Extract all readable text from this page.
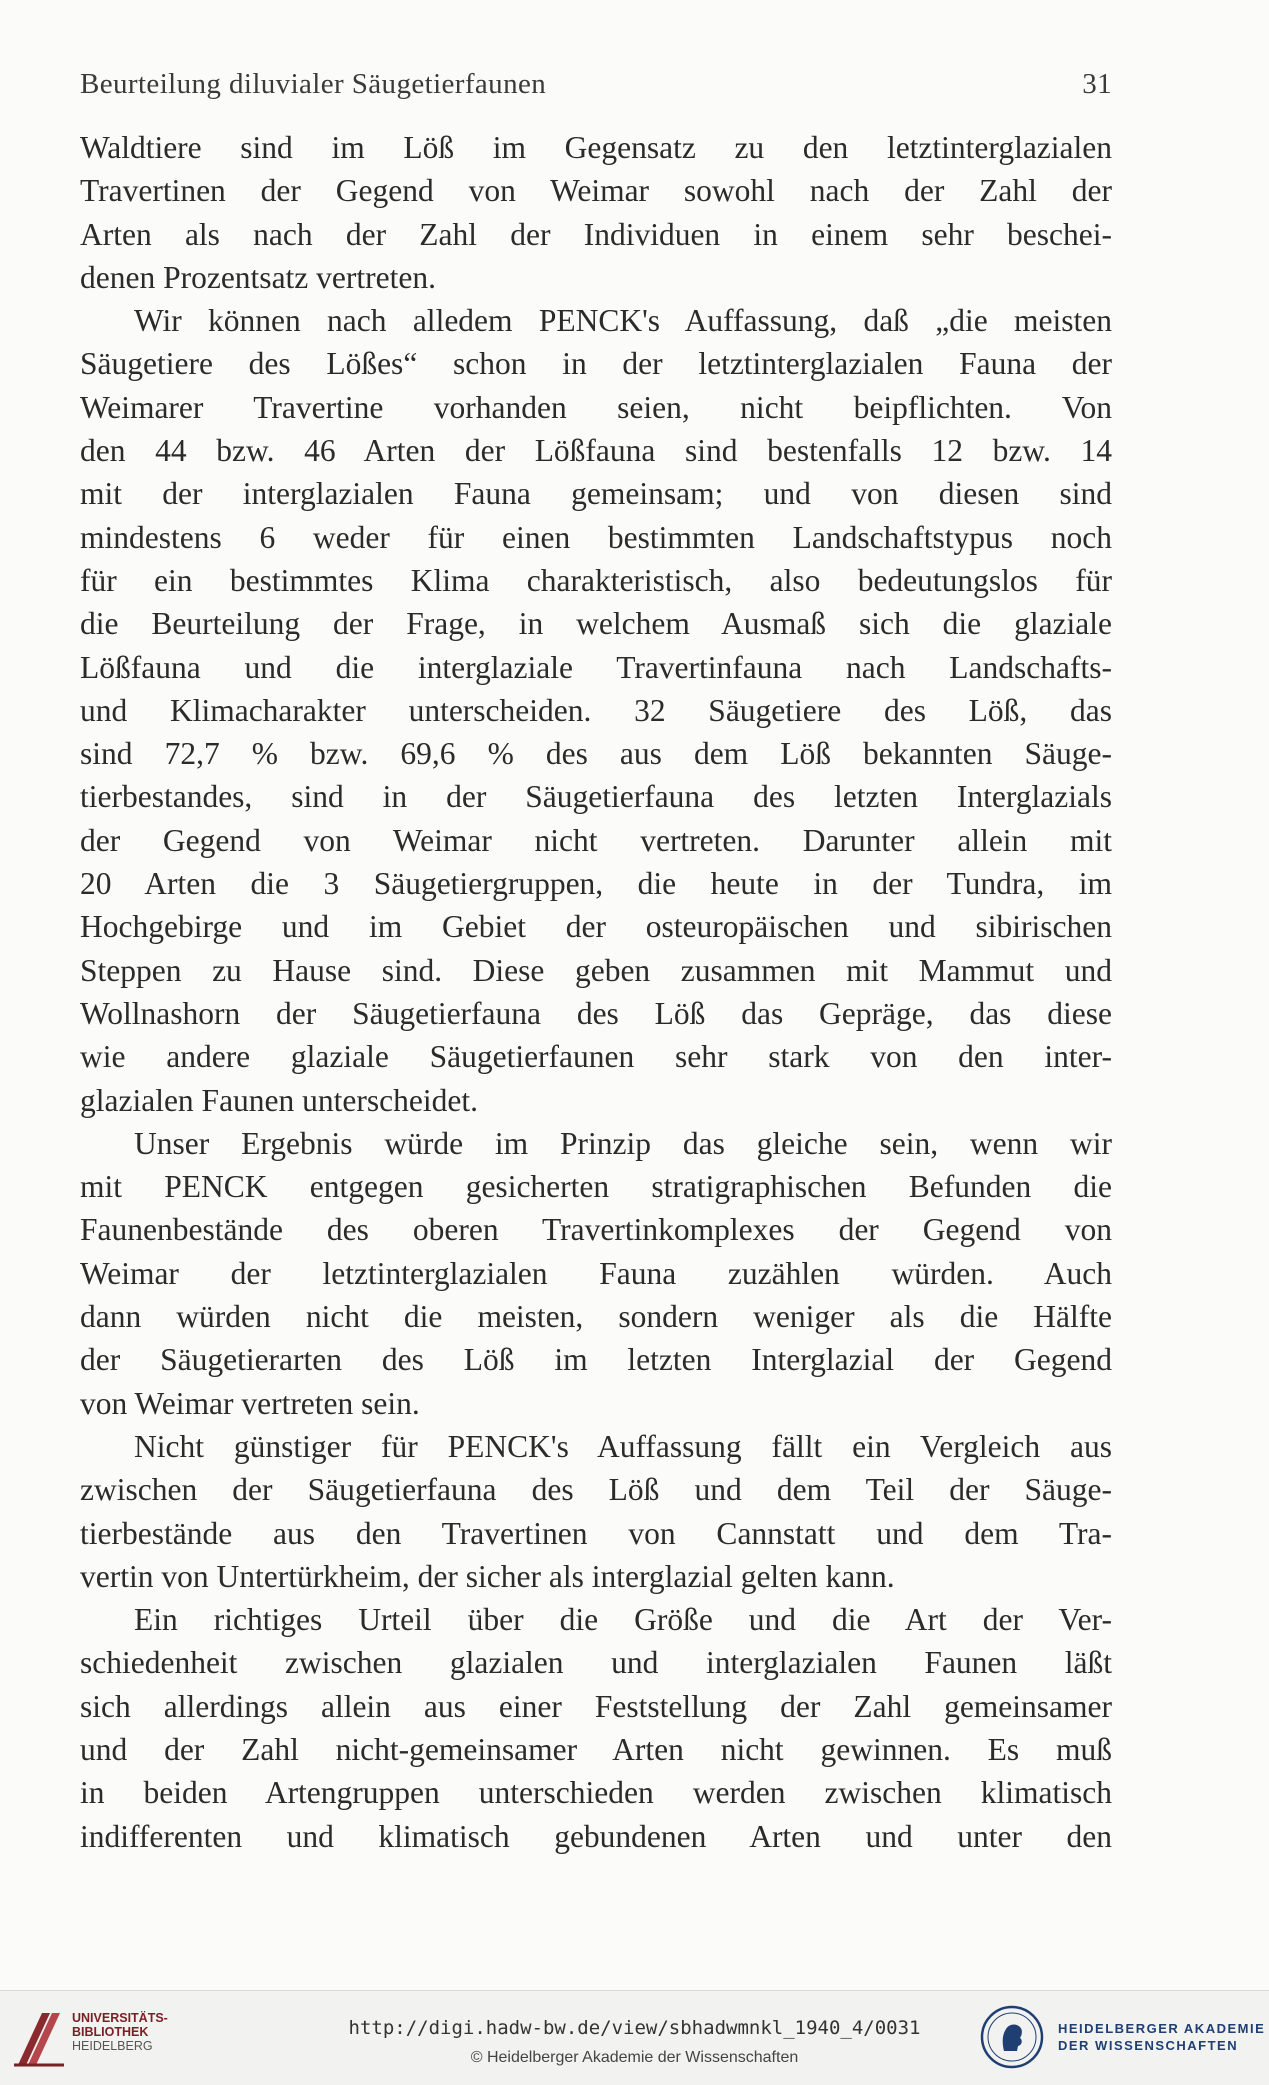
Beurteilung diluvialer Säugetierfaunen	31
Waldtiere sind im Löß im Gegensatz zu den letztinterglazialen
Travertinen der Gegend von Weimar sowohl nach der Zahl der
Arten als nach der Zahl der Individuen in einem sehr beschei-
denen Prozentsatz vertreten.
Wir können nach alledem PENCK's Auffassung, daß „die meisten
Säugetiere des Lößes“ schon in der letztinterglazialen Fauna der
Weimarer Travertine vorhanden seien, nicht beipflichten. Von
den 44 bzw. 46 Arten der Lößfauna sind bestenfalls 12 bzw. 14
mit der interglazialen Fauna gemeinsam; und von diesen sind
mindestens 6 weder für einen bestimmten Landschaftstypus noch
für ein bestimmtes Klima charakteristisch, also bedeutungslos für
die Beurteilung der Frage, in welchem Ausmaß sich die glaziale
Lößfauna und die interglaziale Travertinfauna nach Landschafts-
und Klimacharakter unterscheiden. 32 Säugetiere des Löß, das
sind 72,7 % bzw. 69,6 % des aus dem Löß bekannten Säuge-
tierbestandes, sind in der Säugetierfauna des letzten Interglazials
der Gegend von Weimar nicht vertreten. Darunter allein mit
20 Arten die 3 Säugetiergruppen, die heute in der Tundra, im
Hochgebirge und im Gebiet der osteuropäischen und sibirischen
Steppen zu Hause sind. Diese geben zusammen mit Mammut und
Wollnashorn der Säugetierfauna des Löß das Gepräge, das diese
wie andere glaziale Säugetierfaunen sehr stark von den inter-
glazialen Faunen unterscheidet.
Unser Ergebnis würde im Prinzip das gleiche sein, wenn wir
mit PENCK entgegen gesicherten stratigraphischen Befunden die
Faunenbestände des oberen Travertinkomplexes der Gegend von
Weimar der letztinterglazialen Fauna zuzählen würden. Auch
dann würden nicht die meisten, sondern weniger als die Hälfte
der Säugetierarten des Löß im letzten Interglazial der Gegend
von Weimar vertreten sein.
Nicht günstiger für PENCK's Auffassung fällt ein Vergleich aus
zwischen der Säugetierfauna des Löß und dem Teil der Säuge-
tierbestände aus den Travertinen von Cannstatt und dem Tra-
vertin von Untertürkheim, der sicher als interglazial gelten kann.
Ein richtiges Urteil über die Größe und die Art der Ver-
schiedenheit zwischen glazialen und interglazialen Faunen läßt
sich allerdings allein aus einer Feststellung der Zahl gemeinsamer
und der Zahl nicht-gemeinsamer Arten nicht gewinnen. Es muß
in beiden Artengruppen unterschieden werden zwischen klimatisch
indifferenten und klimatisch gebundenen Arten und unter den
UNIVERSITÄTS-
BIBLIOTHEK
HEIDELBERG
http://digi.hadw-bw.de/view/sbhadwmnkl_1940_4/0031
© Heidelberger Akademie der Wissenschaften
HEIDELBERGER AKADEMIE
DER WISSENSCHAFTEN
